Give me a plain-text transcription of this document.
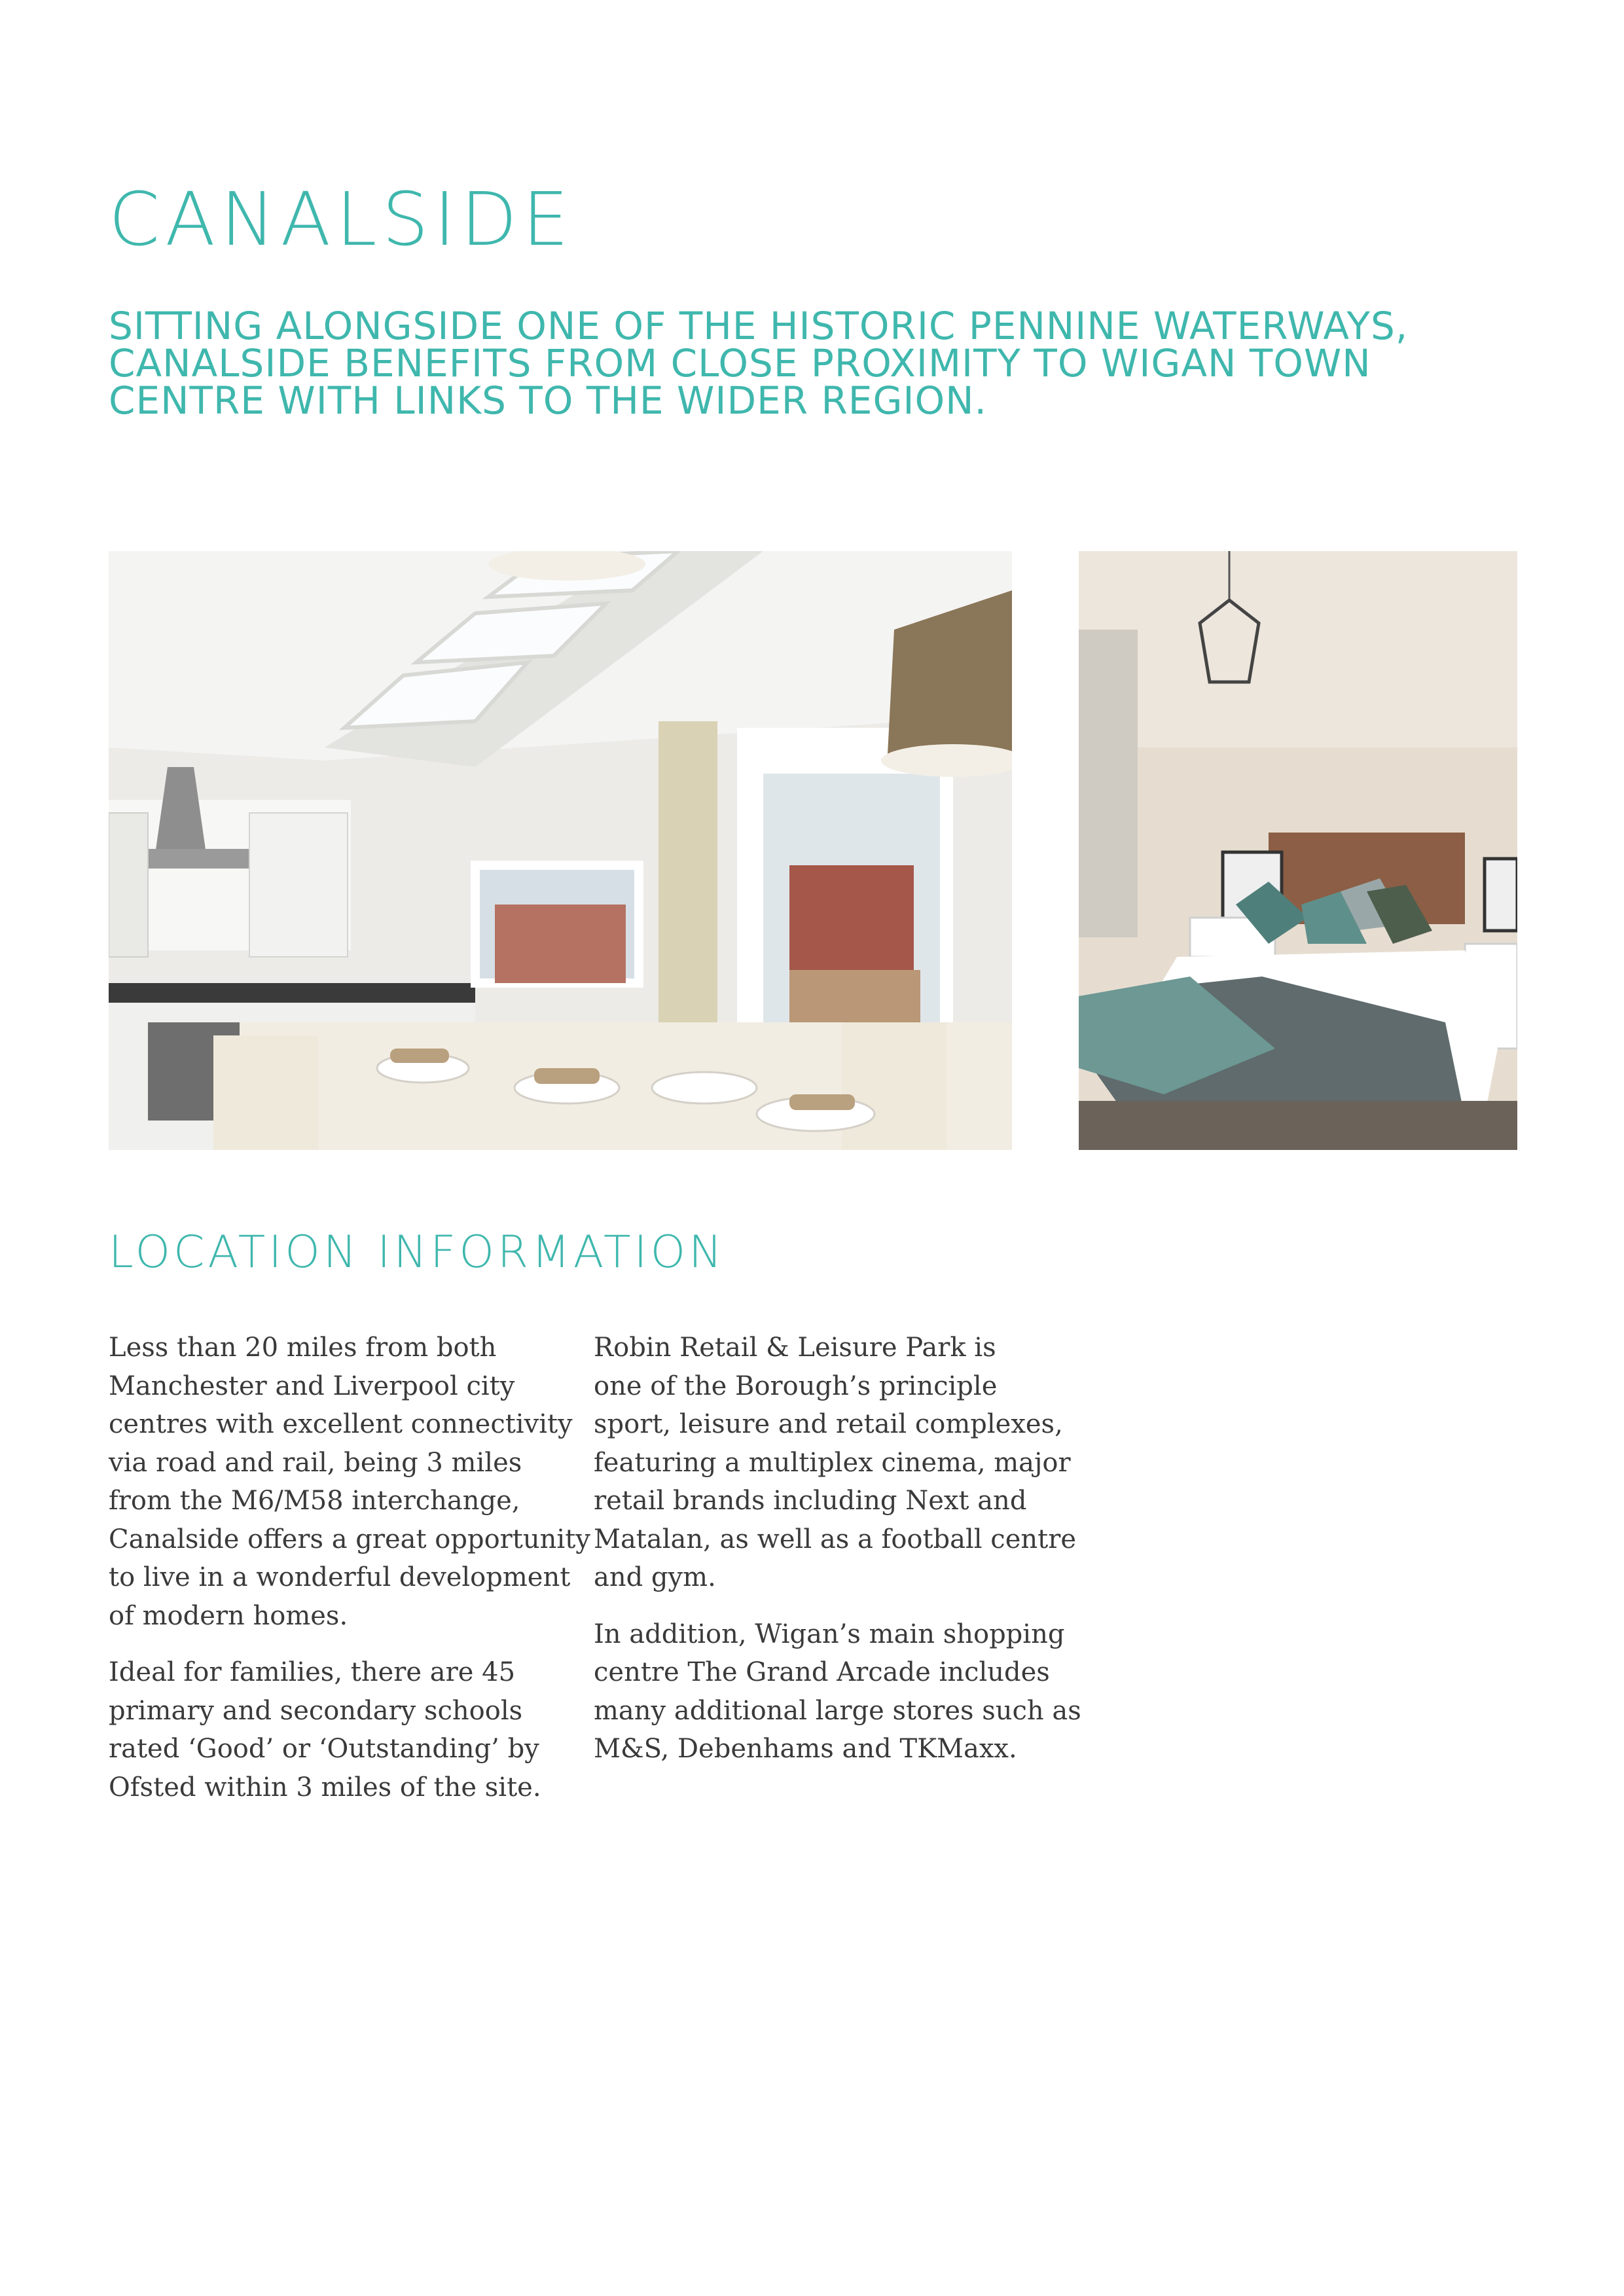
CANALSIDE
SITTING ALONGSIDE ONE OF THE HISTORIC PENNINE WATERWAYS,
CANALSIDE BENEFITS FROM CLOSE PROXIMITY TO WIGAN TOWN
CENTRE WITH LINKS TO THE WIDER REGION.
LOCATION INFORMATION

Less than 20 miles from both
Manchester and Liverpool city
centres with excellent connectivity
via road and rail, being 3 miles
from the M6/M58 interchange,
Canalside offers a great opportunity
to live in a wonderful development
of modern homes.

Ideal for families, there are 45
primary and secondary schools
rated ‘Good’ or ‘Outstanding’ by
Ofsted within 3 miles of the site.

Robin Retail & Leisure Park is
one of the Borough’s principle
sport, leisure and retail complexes,
featuring a multiplex cinema, major
retail brands including Next and
Matalan, as well as a football centre
and gym.

In addition, Wigan’s main shopping
centre The Grand Arcade includes
many additional large stores such as
M&S, Debenhams and TKMaxx.
